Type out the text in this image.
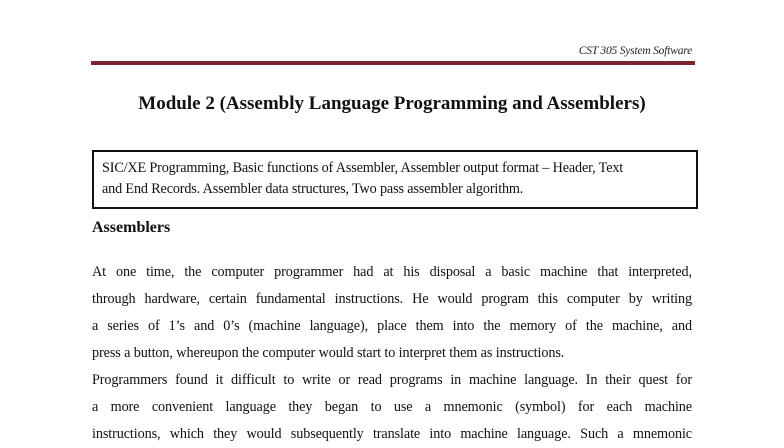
CST 305 System Software
Module 2 (Assembly Language Programming and Assemblers)
SIC/XE Programming, Basic functions of Assembler, Assembler output format – Header, Text
and End Records. Assembler data structures, Two pass assembler algorithm.
Assemblers
At one time, the computer programmer had at his disposal a basic machine that interpreted,
through hardware, certain fundamental instructions. He would program this computer by writing
a series of 1’s and 0’s (machine language), place them into the memory of the machine, and
press a button, whereupon the computer would start to interpret them as instructions.
Programmers found it difficult to write or read programs in machine language. In their quest for
a more convenient language they began to use a mnemonic (symbol) for each machine
instructions, which they would subsequently translate into machine language. Such a mnemonic
